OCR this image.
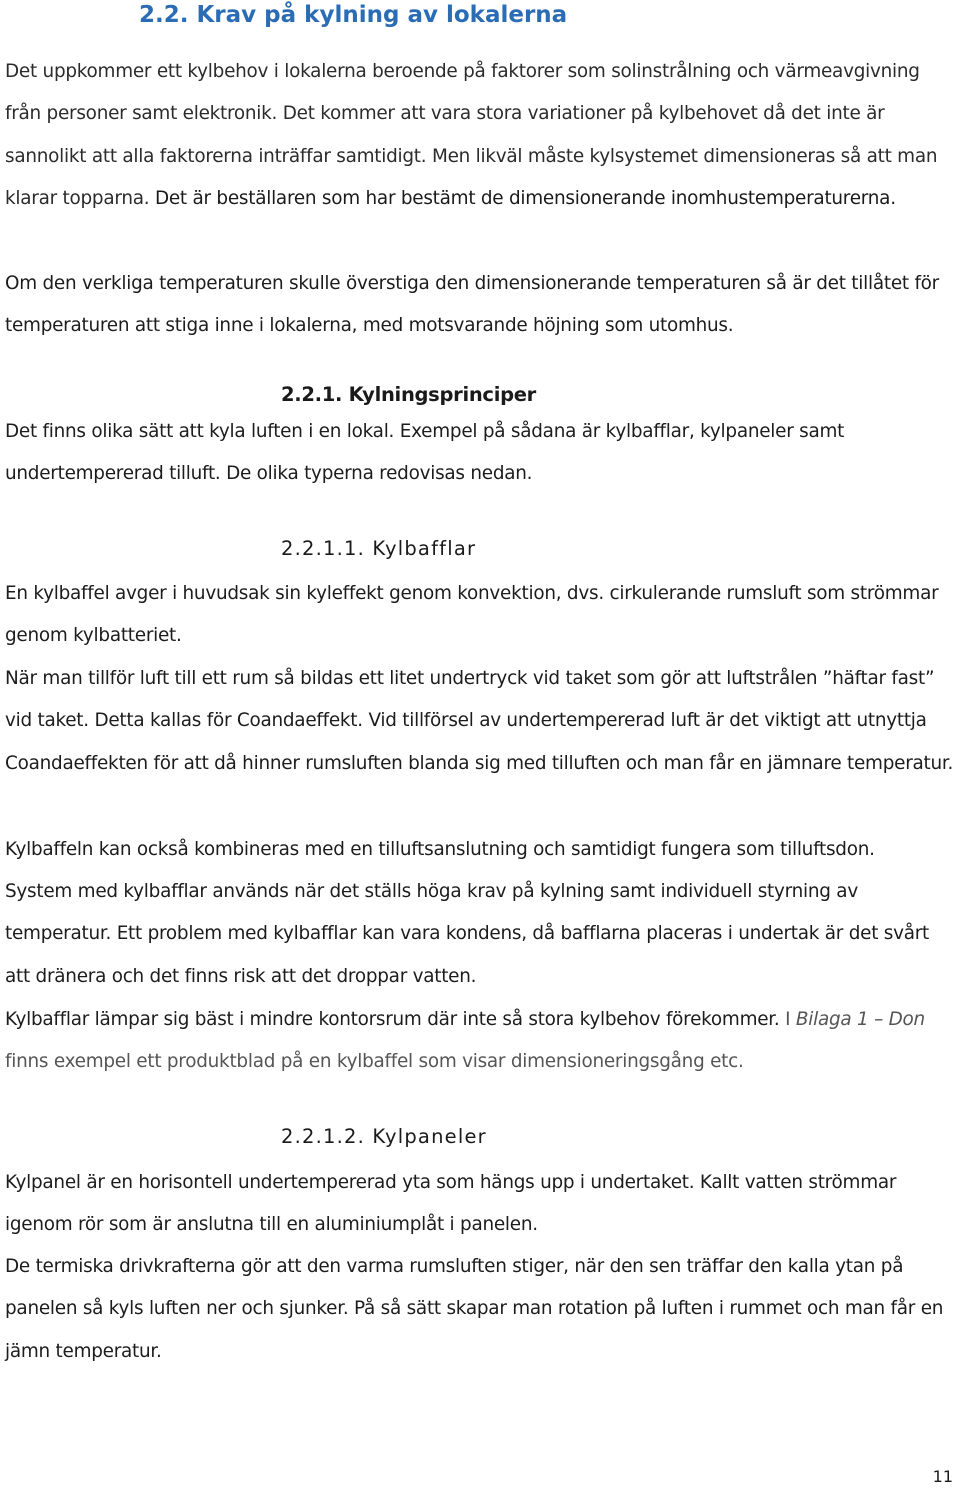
2.2. Krav på kylning av lokalerna

Det uppkommer ett kylbehov i lokalerna beroende på faktorer som solinstrålning och värmeavgivning från personer samt elektronik. Det kommer att vara stora variationer på kylbehovet då det inte är sannolikt att alla faktorerna inträffar samtidigt. Men likväl måste kylsystemet dimensioneras så att man klarar topparna. Det är beställaren som har bestämt de dimensionerande inomhustemperaturerna.

Om den verkliga temperaturen skulle överstiga den dimensionerande temperaturen så är det tillåtet för temperaturen att stiga inne i lokalerna, med motsvarande höjning som utomhus.

2.2.1. Kylningsprinciper

Det finns olika sätt att kyla luften i en lokal. Exempel på sådana är kylbafflar, kylpaneler samt undertempererad tilluft. De olika typerna redovisas nedan.

2.2.1.1. Kylbafflar

En kylbaffel avger i huvudsak sin kyleffekt genom konvektion, dvs. cirkulerande rumsluft som strömmar genom kylbatteriet.

När man tillför luft till ett rum så bildas ett litet undertryck vid taket som gör att luftstrålen ”häftar fast” vid taket. Detta kallas för Coandaeffekt. Vid tillförsel av undertempererad luft är det viktigt att utnyttja Coandaeffekten för att då hinner rumsluften blanda sig med tilluften och man får en jämnare temperatur.

Kylbaffeln kan också kombineras med en tilluftsanslutning och samtidigt fungera som tilluftsdon.

System med kylbafflar används när det ställs höga krav på kylning samt individuell styrning av temperatur. Ett problem med kylbafflar kan vara kondens, då bafflarna placeras i undertak är det svårt att dränera och det finns risk att det droppar vatten.

Kylbafflar lämpar sig bäst i mindre kontorsrum där inte så stora kylbehov förekommer. I Bilaga 1 – Don finns exempel ett produktblad på en kylbaffel som visar dimensioneringsgång etc.

2.2.1.2. Kylpaneler

Kylpanel är en horisontell undertempererad yta som hängs upp i undertaket. Kallt vatten strömmar igenom rör som är anslutna till en aluminiumplåt i panelen.

De termiska drivkrafterna gör att den varma rumsluften stiger, när den sen träffar den kalla ytan på panelen så kyls luften ner och sjunker. På så sätt skapar man rotation på luften i rummet och man får en jämn temperatur.

11
